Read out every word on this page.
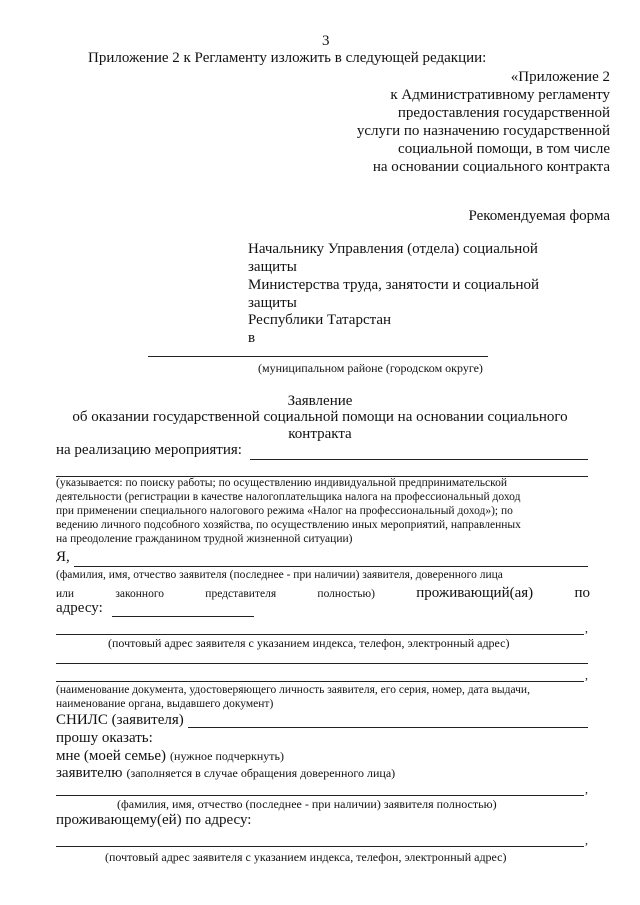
3
Приложение 2 к Регламенту изложить в следующей редакции:
«Приложение 2
к Административному регламенту
предоставления государственной
услуги по назначению государственной
социальной помощи, в том числе
на основании социального контракта
Рекомендуемая форма
Начальнику Управления (отдела) социальной
защиты
Министерства труда, занятости и социальной
защиты
Республики Татарстан
в
(муниципальном районе (городском округе)
Заявление
об оказании государственной социальной помощи на основании социального
контракта
на реализацию мероприятия:
(указывается: по поиску работы; по осуществлению индивидуальной предпринимательской
деятельности (регистрации в качестве налогоплательщика налога на профессиональный доход
при применении специального налогового режима «Налог на профессиональный доход»); по
ведению личного подсобного хозяйства, по осуществлению иных мероприятий, направленных
на преодоление гражданином трудной жизненной ситуации)
Я,
(фамилия, имя, отчество заявителя (последнее - при наличии) заявителя, доверенного лица
или	законного	представителя	полностью)	проживающий(ая)	по
адресу:
,
(почтовый адрес заявителя с указанием индекса, телефон, электронный адрес)
,
(наименование документа, удостоверяющего личность заявителя, его серия, номер, дата выдачи,
наименование органа, выдавшего документ)
СНИЛС (заявителя)
прошу оказать:
мне (моей семье) (нужное подчеркнуть)
заявителю (заполняется в случае обращения доверенного лица)
,
(фамилия, имя, отчество (последнее - при наличии) заявителя полностью)
проживающему(ей) по адресу:
,
(почтовый адрес заявителя с указанием индекса, телефон, электронный адрес)
